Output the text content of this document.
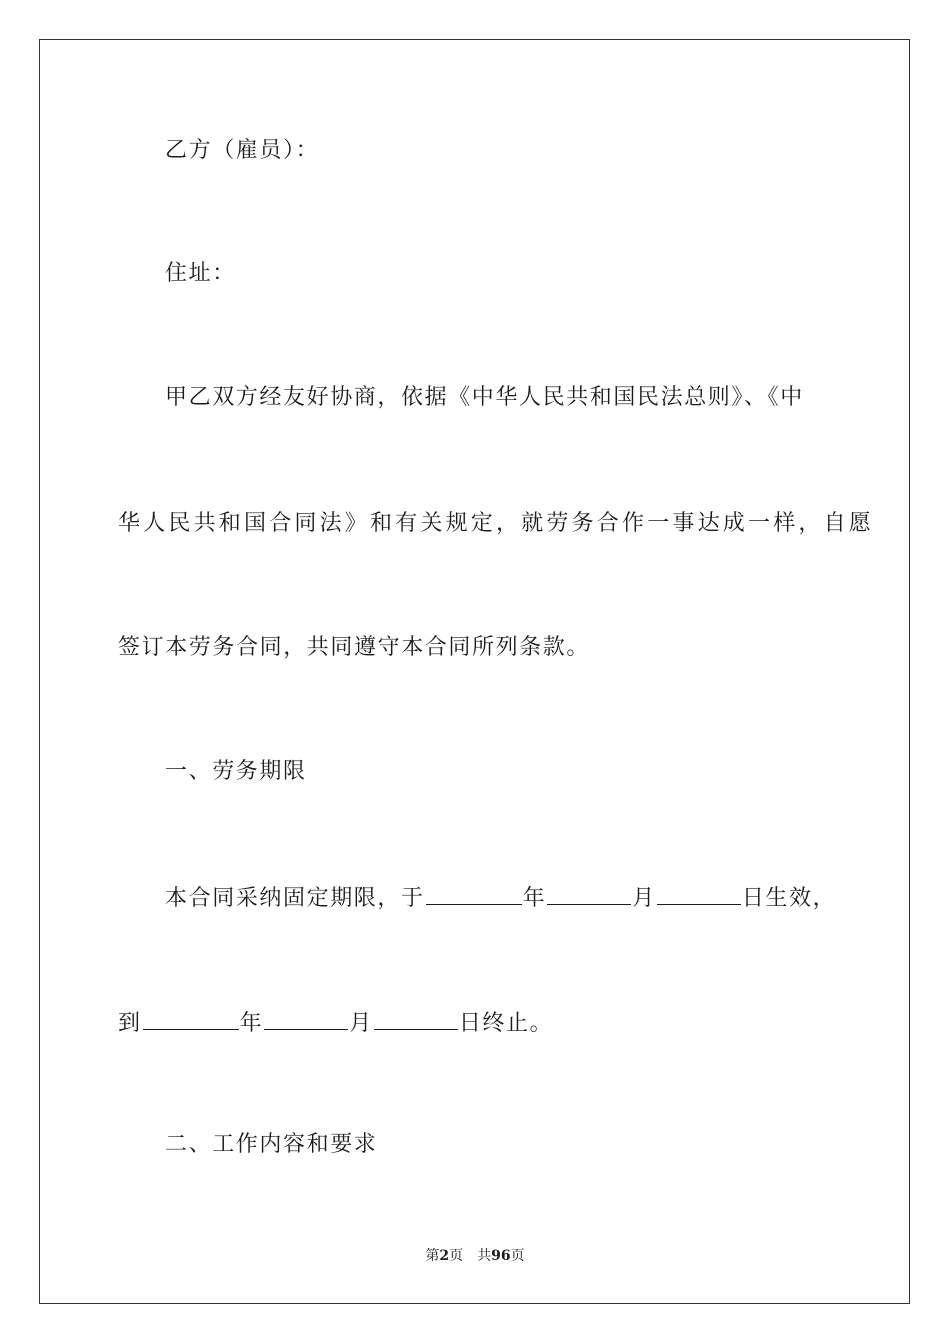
乙方（雇员）：
住址：
甲乙双方经友好协商，依据《中华人民共和国民法总则》、《中
华人民共和国合同法》和有关规定，就劳务合作一事达成一样，自愿
签订本劳务合同，共同遵守本合同所列条款。
一、劳务期限
本合同采纳固定期限，于	年	月	日生效，
到	年	月	日终止。
二、工作内容和要求
第2页 共96页
